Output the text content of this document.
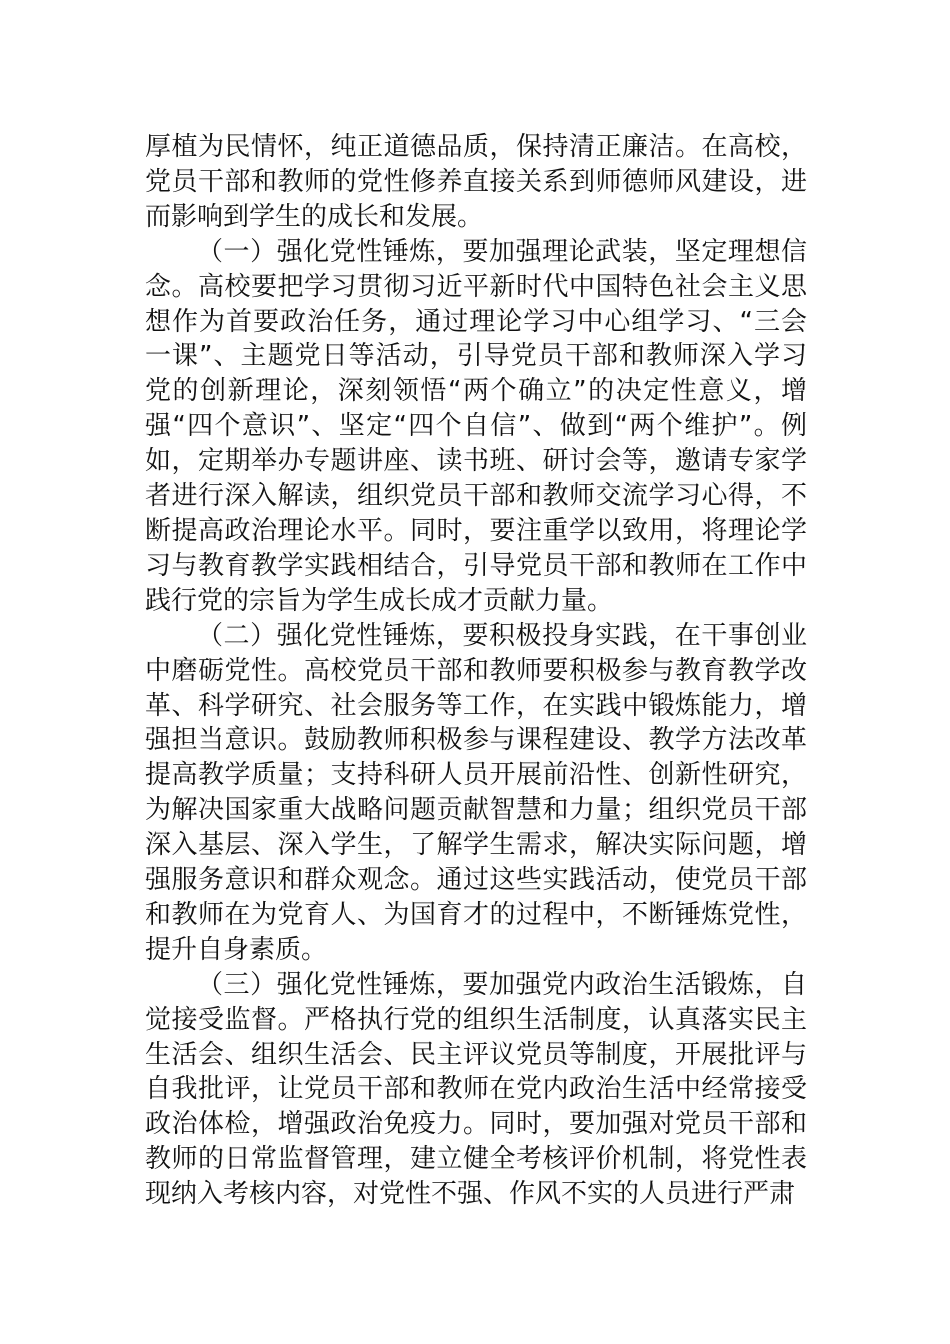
厚植为民情怀，纯正道德品质，保持清正廉洁。在高校，党员干部和教师的党性修养直接关系到师德师风建设，进而影响到学生的成长和发展。

（一）强化党性锤炼，要加强理论武装，坚定理想信念。高校要把学习贯彻习近平新时代中国特色社会主义思想作为首要政治任务，通过理论学习中心组学习、“三会一课”、主题党日等活动，引导党员干部和教师深入学习党的创新理论，深刻领悟“两个确立”的决定性意义，增强“四个意识”、坚定“四个自信”、做到“两个维护”。例如，定期举办专题讲座、读书班、研讨会等，邀请专家学者进行深入解读，组织党员干部和教师交流学习心得，不断提高政治理论水平。同时，要注重学以致用，将理论学习与教育教学实践相结合，引导党员干部和教师在工作中践行党的宗旨为学生成长成才贡献力量。

（二）强化党性锤炼，要积极投身实践，在干事创业中磨砺党性。高校党员干部和教师要积极参与教育教学改革、科学研究、社会服务等工作，在实践中锻炼能力，增强担当意识。鼓励教师积极参与课程建设、教学方法改革提高教学质量；支持科研人员开展前沿性、创新性研究，为解决国家重大战略问题贡献智慧和力量；组织党员干部深入基层、深入学生，了解学生需求，解决实际问题，增强服务意识和群众观念。通过这些实践活动，使党员干部和教师在为党育人、为国育才的过程中，不断锤炼党性，提升自身素质。

（三）强化党性锤炼，要加强党内政治生活锻炼，自觉接受监督。严格执行党的组织生活制度，认真落实民主生活会、组织生活会、民主评议党员等制度，开展批评与自我批评，让党员干部和教师在党内政治生活中经常接受政治体检，增强政治免疫力。同时，要加强对党员干部和教师的日常监督管理，建立健全考核评价机制，将党性表现纳入考核内容，对党性不强、作风不实的人员进行严肃
